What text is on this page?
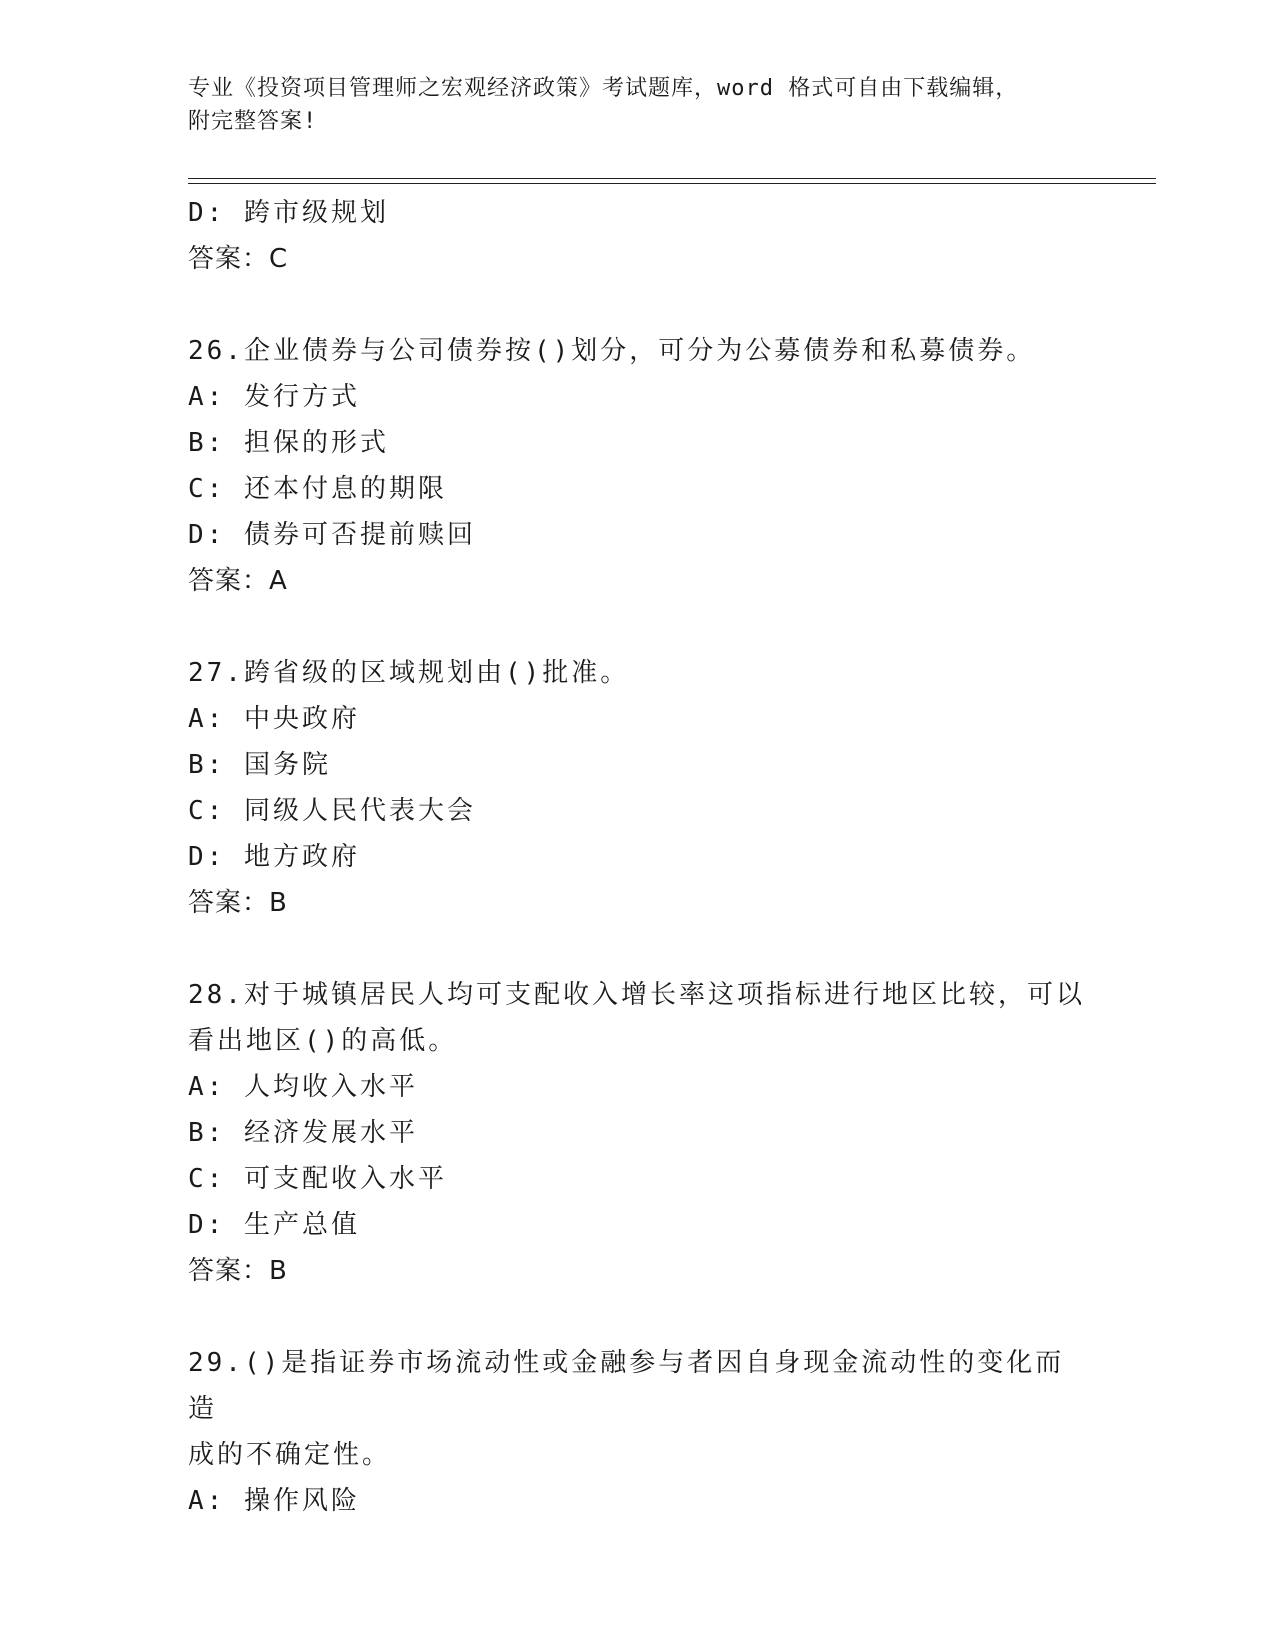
专业《投资项目管理师之宏观经济政策》考试题库，word 格式可自由下载编辑，
附完整答案!
D: 跨市级规划
答案：C
26.企业债券与公司债券按()划分，可分为公募债券和私募债券。
A: 发行方式
B: 担保的形式
C: 还本付息的期限
D: 债券可否提前赎回
答案：A
27.跨省级的区域规划由()批准。
A: 中央政府
B: 国务院
C: 同级人民代表大会
D: 地方政府
答案：B
28.对于城镇居民人均可支配收入增长率这项指标进行地区比较，可以
看出地区()的高低。
A: 人均收入水平
B: 经济发展水平
C: 可支配收入水平
D: 生产总值
答案：B
29.()是指证券市场流动性或金融参与者因自身现金流动性的变化而造
成的不确定性。
A: 操作风险
